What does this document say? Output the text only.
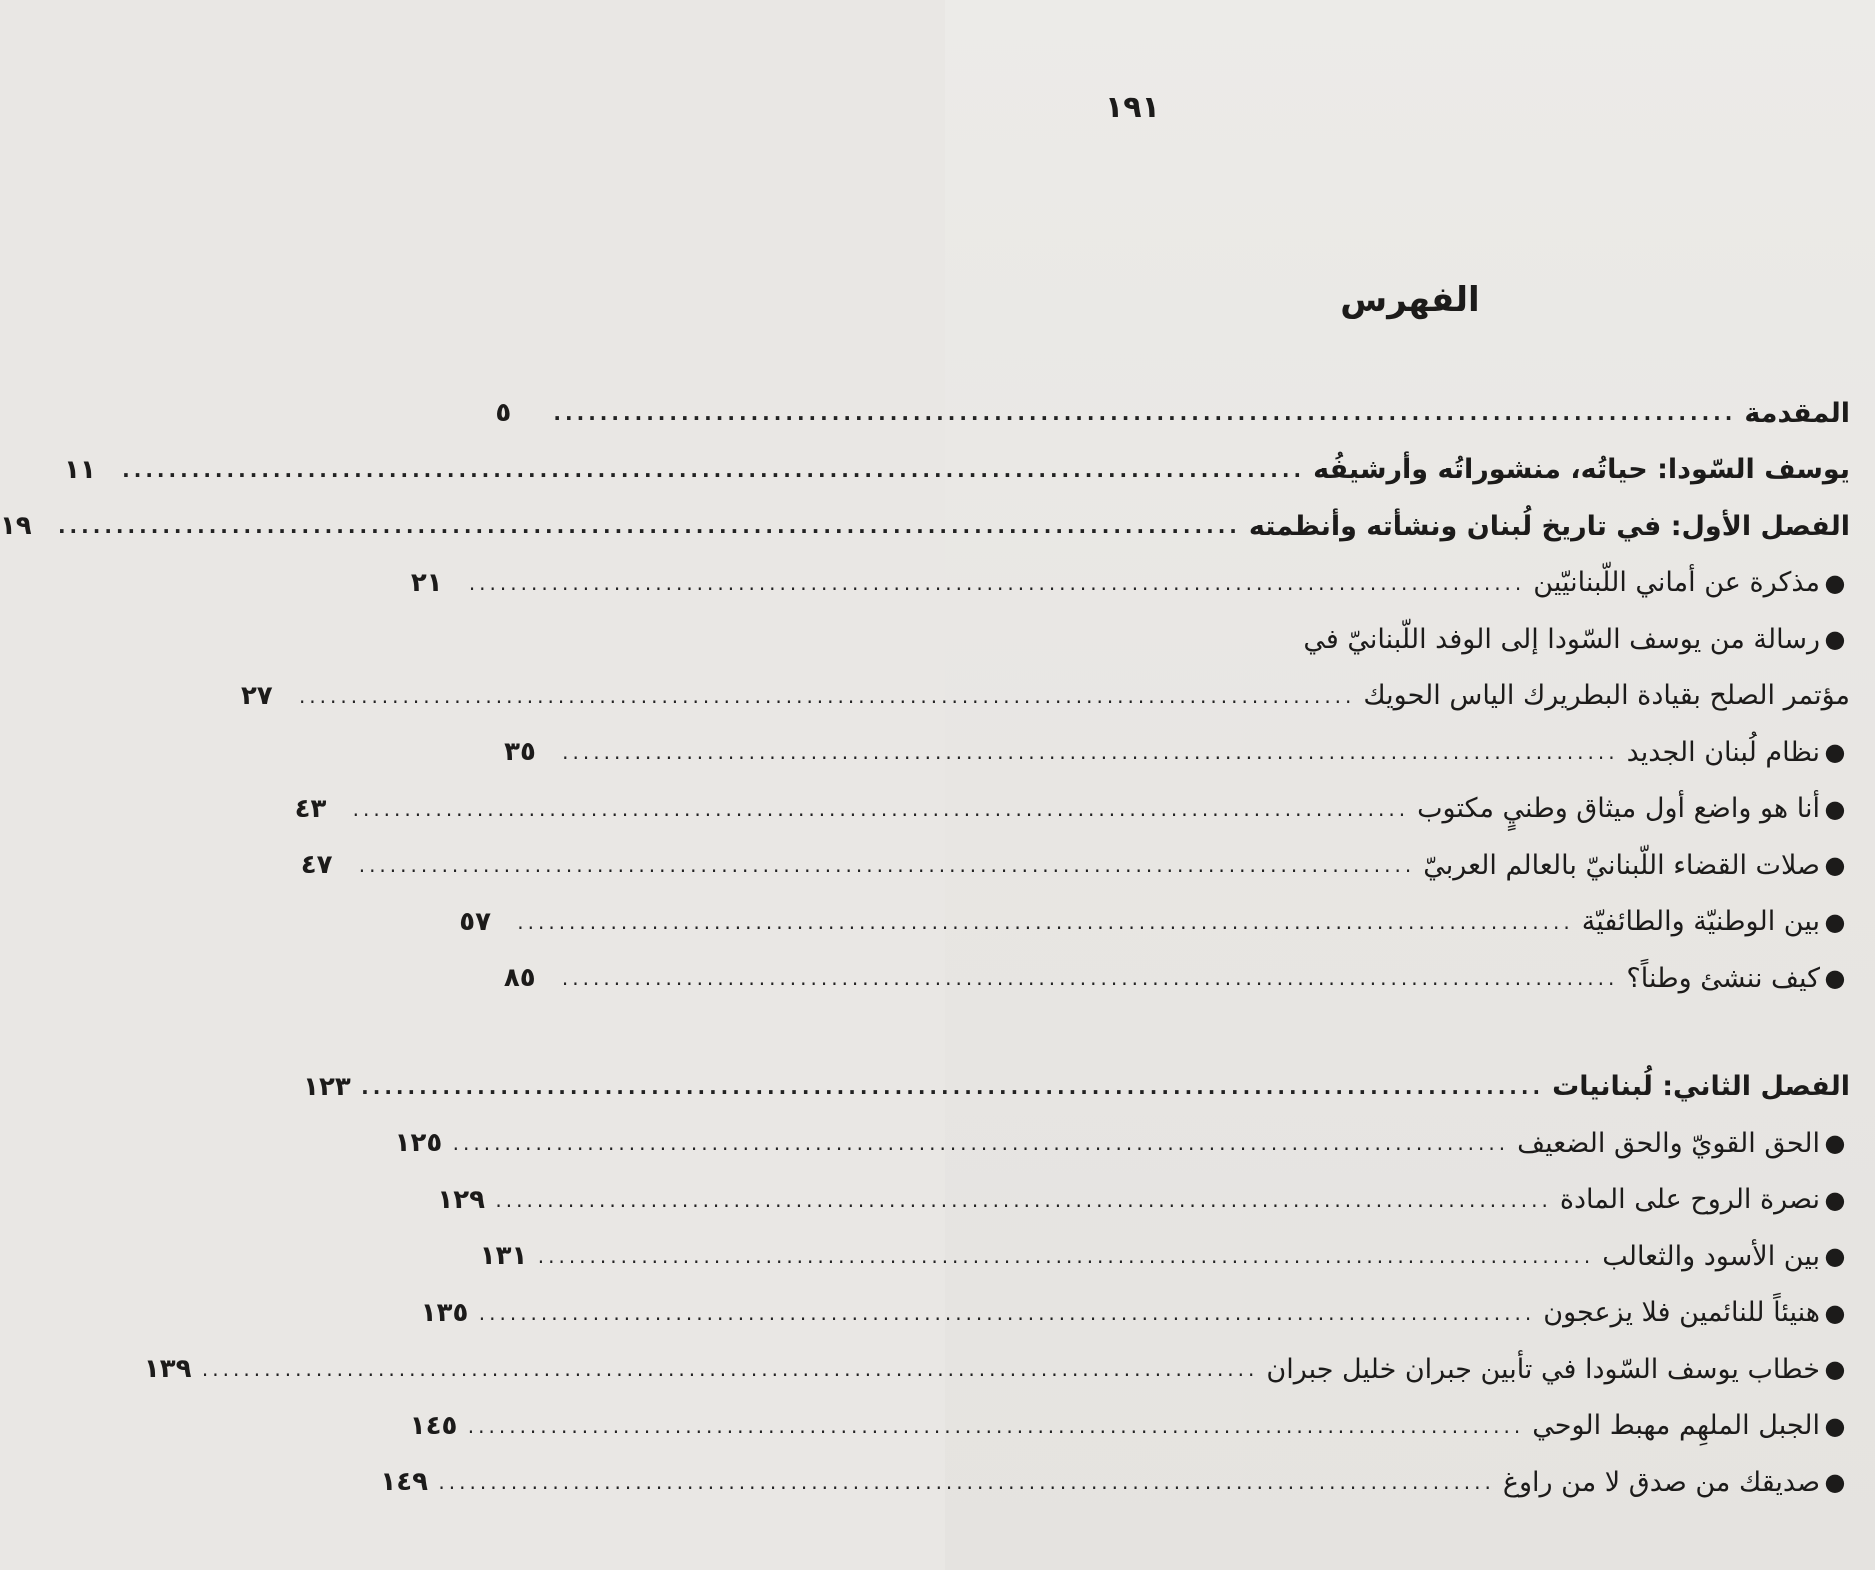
١٩١
الفهرس
المقدمة
......................................................................................................
٥
يوسف السّودا: حياتُه، منشوراتُه وأرشيفُه
......................................................................................................
١١
الفصل الأول: في تاريخ لُبنان ونشأته وأنظمته
......................................................................................................
١٩
●
مذكرة عن أماني اللّبنانيّين
......................................................................................................
٢١
●
رسالة من يوسف السّودا إلى الوفد اللّبنانيّ في
مؤتمر الصلح بقيادة البطريرك الياس الحويك
......................................................................................................
٢٧
●
نظام لُبنان الجديد
......................................................................................................
٣٥
●
أنا هو واضع أول ميثاق وطنيٍ مكتوب
......................................................................................................
٤٣
●
صلات القضاء اللّبنانيّ بالعالم العربيّ
......................................................................................................
٤٧
●
بين الوطنيّة والطائفيّة
......................................................................................................
٥٧
●
كيف ننشئ وطناً؟
......................................................................................................
٨٥
الفصل الثاني: لُبنانيات
......................................................................................................
١٢٣
●
الحق القويّ والحق الضعيف
......................................................................................................
١٢٥
●
نصرة الروح على المادة
......................................................................................................
١٢٩
●
بين الأسود والثعالب
......................................................................................................
١٣١
●
هنيئاً للنائمين فلا يزعجون
......................................................................................................
١٣٥
●
خطاب يوسف السّودا في تأبين جبران خليل جبران
......................................................................................................
١٣٩
●
الجبل الملهِم مهبط الوحي
......................................................................................................
١٤٥
●
صديقك من صدق لا من راوغ
......................................................................................................
١٤٩
